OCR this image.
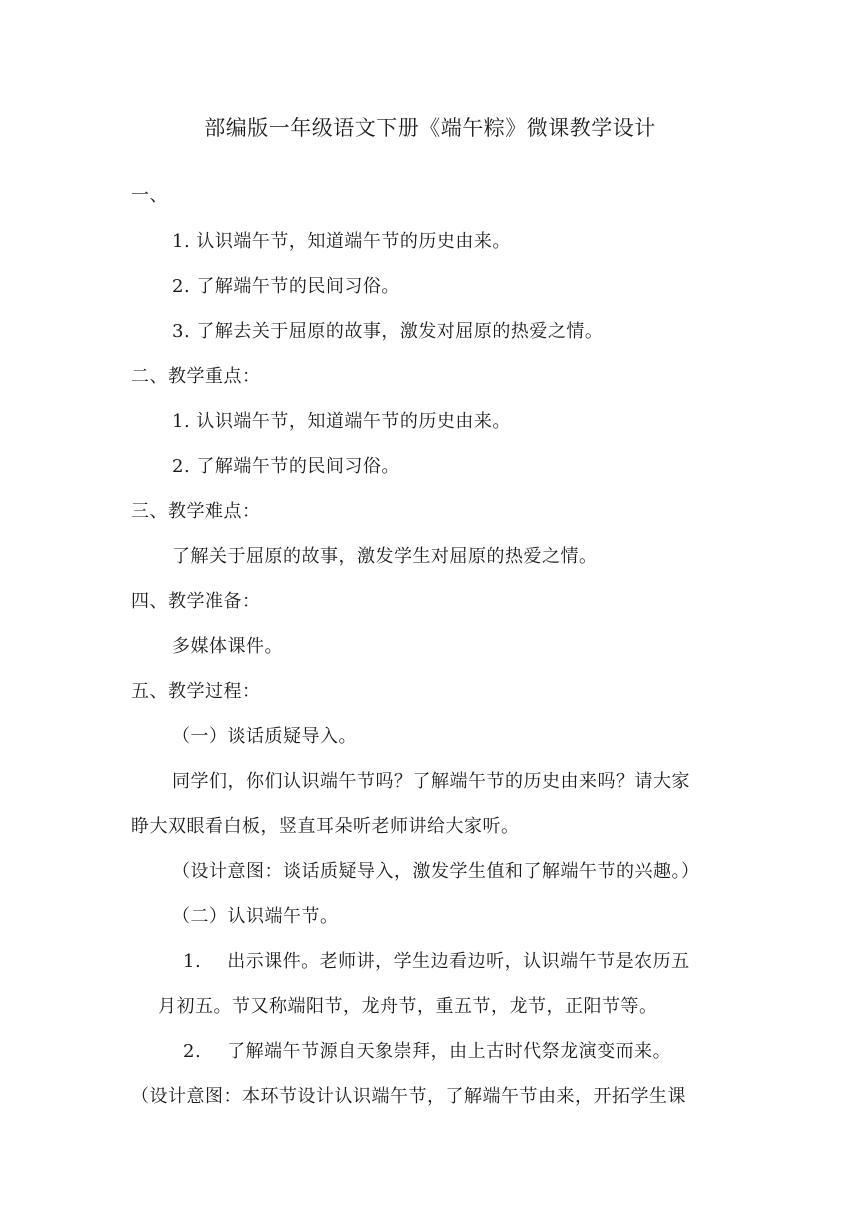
部编版一年级语文下册《端午粽》微课教学设计
一、
1. 认识端午节，知道端午节的历史由来。
2. 了解端午节的民间习俗。
3. 了解去关于屈原的故事，激发对屈原的热爱之情。
二、教学重点：
1. 认识端午节，知道端午节的历史由来。
2. 了解端午节的民间习俗。
三、教学难点：
了解关于屈原的故事，激发学生对屈原的热爱之情。
四、教学准备：
多媒体课件。
五、教学过程：
（一）谈话质疑导入。
同学们，你们认识端午节吗？了解端午节的历史由来吗？请大家
睁大双眼看白板，竖直耳朵听老师讲给大家听。
（设计意图：谈话质疑导入，激发学生值和了解端午节的兴趣。）
（二）认识端午节。
1. 出示课件。老师讲，学生边看边听，认识端午节是农历五
月初五。节又称端阳节，龙舟节，重五节，龙节，正阳节等。
2. 了解端午节源自天象崇拜，由上古时代祭龙演变而来。
（设计意图：本环节设计认识端午节，了解端午节由来，开拓学生课
